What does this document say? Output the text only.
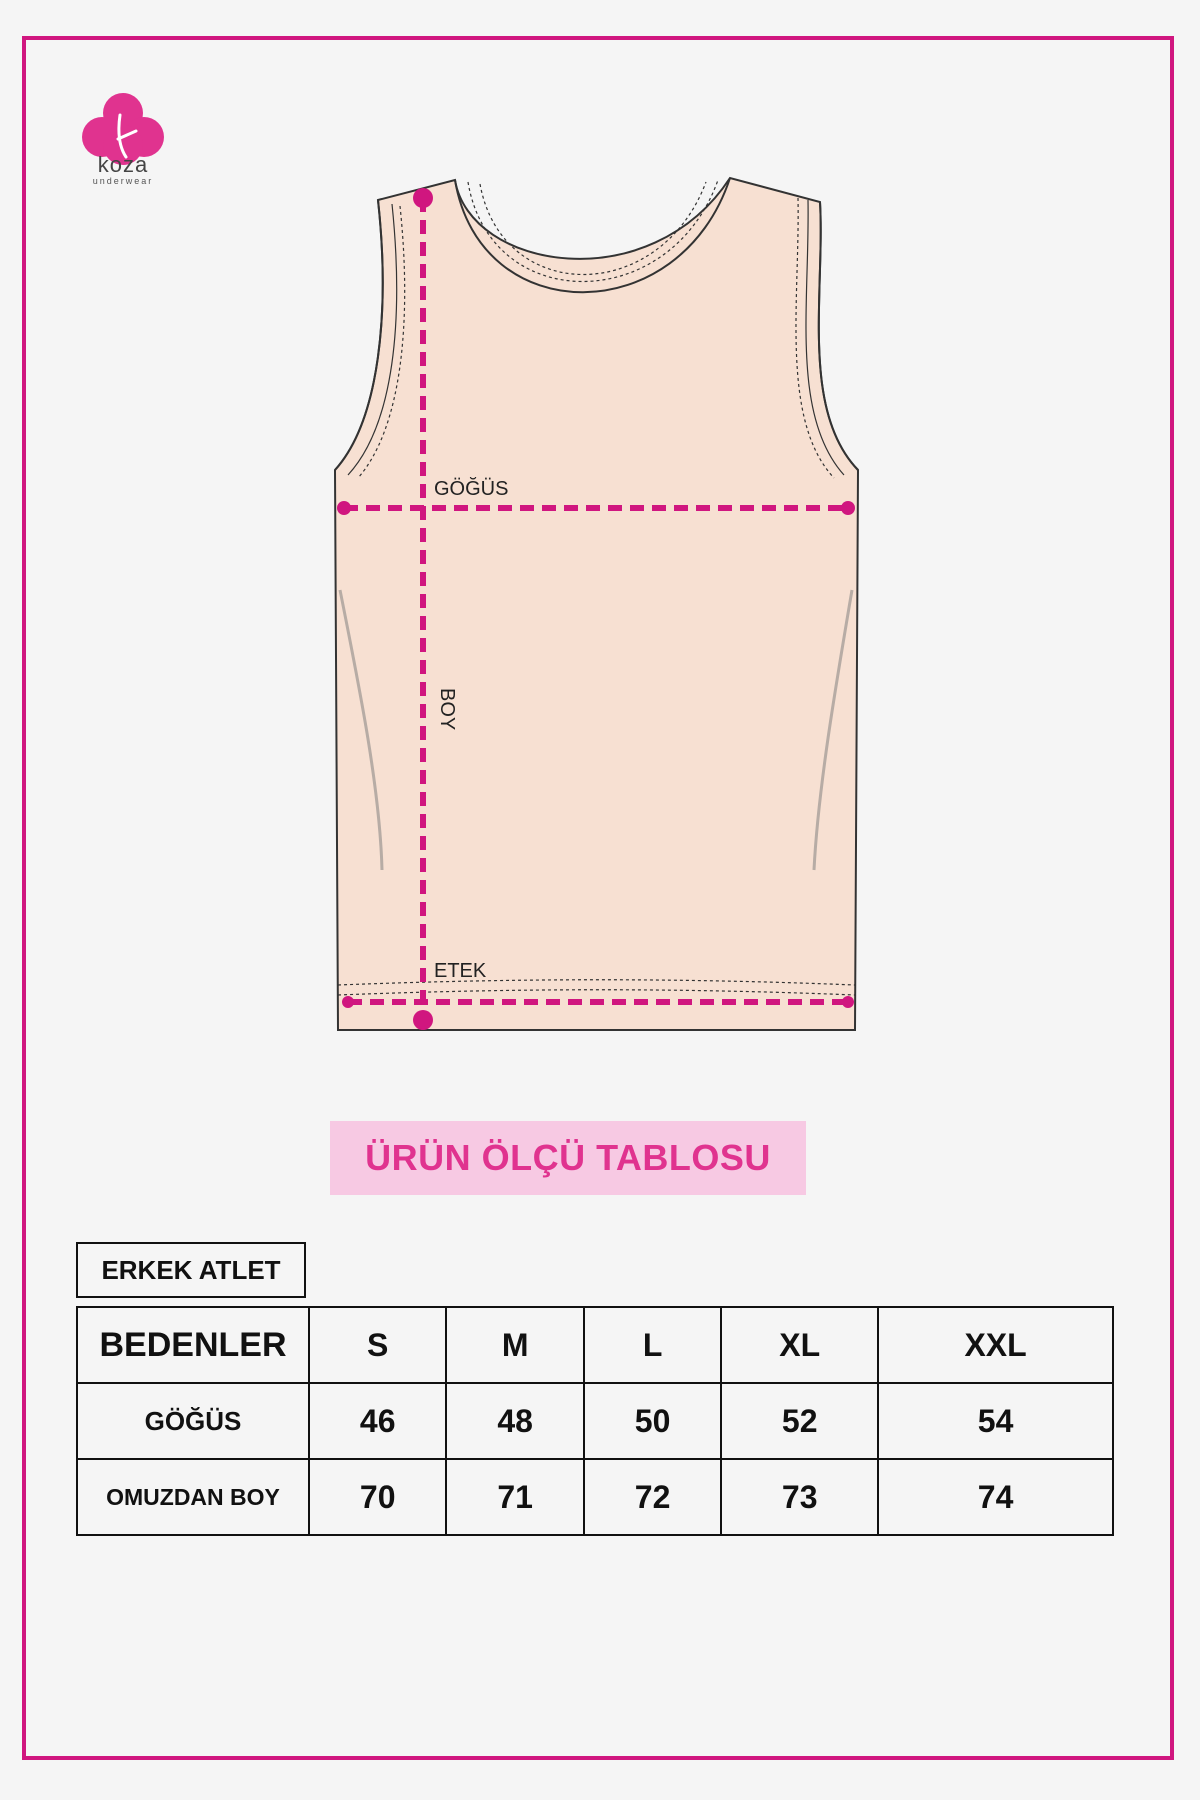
koza
underwear
GÖĞÜS
BOY
ETEK
ÜRÜN ÖLÇÜ TABLOSU
ERKEK ATLET
BEDENLER	S	M	L	XL	XXL
GÖĞÜS	46	48	50	52	54
OMUZDAN BOY	70	71	72	73	74
